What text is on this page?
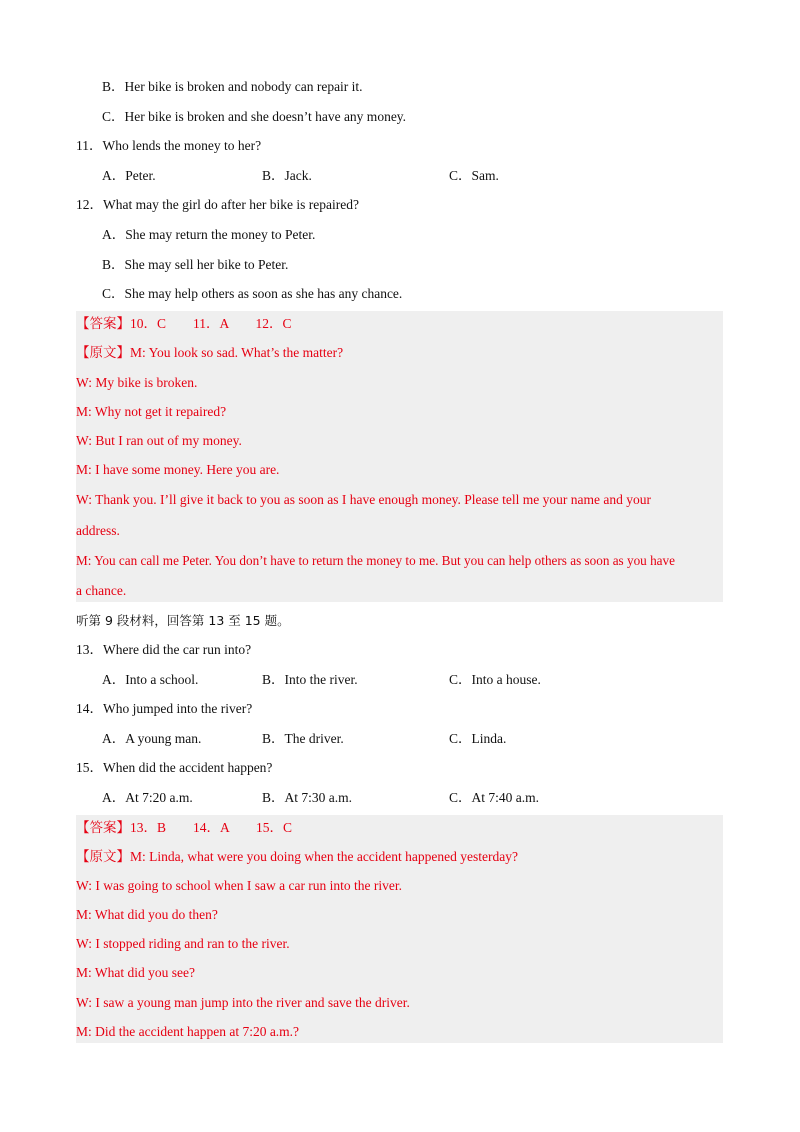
B．Her bike is broken and nobody can repair it.
C．Her bike is broken and she doesn’t have any money.
11．Who lends the money to her?
A．Peter.	B．Jack.	C．Sam.
12．What may the girl do after her bike is repaired?
A．She may return the money to Peter.
B．She may sell her bike to Peter.
C．She may help others as soon as she has any chance.
【答案】10．C　　11．A　　12．C
【原文】M: You look so sad. What’s the matter?
W: My bike is broken.
M: Why not get it repaired?
W: But I ran out of my money.
M: I have some money. Here you are.
W: Thank you. I’ll give it back to you as soon as I have enough money. Please tell me your name and your
address.
M: You can call me Peter. You don’t have to return the money to me. But you can help others as soon as you have
a chance.
听第 9 段材料，回答第 13 至 15 题。
13．Where did the car run into?
A．Into a school.	B．Into the river.	C．Into a house.
14．Who jumped into the river?
A．A young man.	B．The driver.	C．Linda.
15．When did the accident happen?
A．At 7:20 a.m.	B．At 7:30 a.m.	C．At 7:40 a.m.
【答案】13．B　　14．A　　15．C
【原文】M: Linda, what were you doing when the accident happened yesterday?
W: I was going to school when I saw a car run into the river.
M: What did you do then?
W: I stopped riding and ran to the river.
M: What did you see?
W: I saw a young man jump into the river and save the driver.
M: Did the accident happen at 7:20 a.m.?
